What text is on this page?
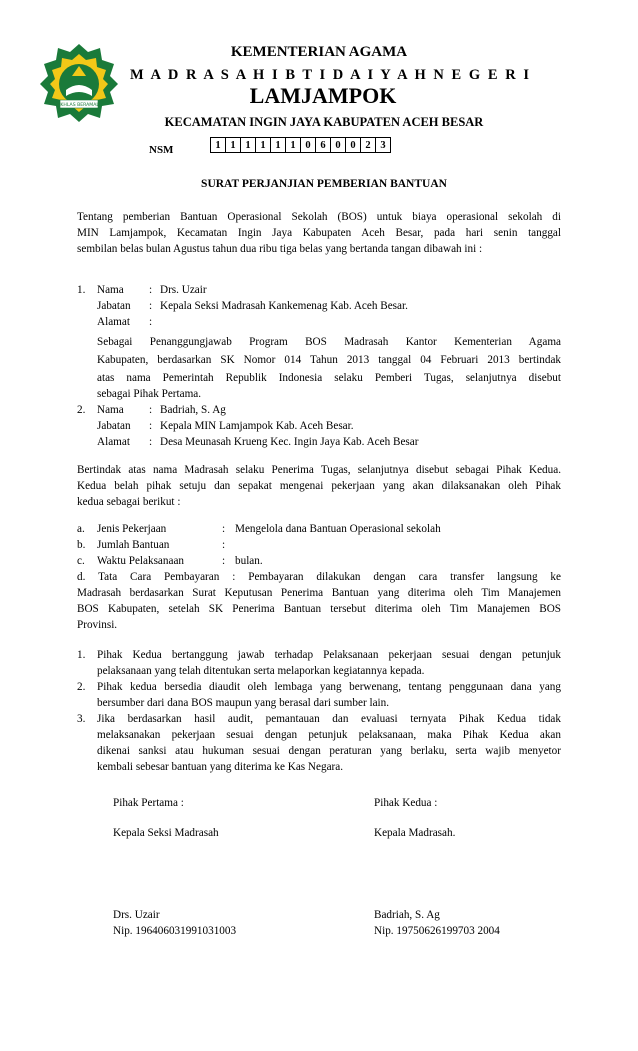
IKHLAS BERAMAL
KEMENTERIAN AGAMA
M A D R A S A H I B T I D A I Y A H N E G E R I
LAMJAMPOK
KECAMATAN INGIN JAYA KABUPATEN ACEH BESAR
NSM	1	1	1	1	1	1	0	6	0	0	2	3
SURAT PERJANJIAN PEMBERIAN BANTUAN
Tentang pemberian Bantuan Operasional Sekolah (BOS) untuk biaya operasional sekolah di
MIN Lamjampok, Kecamatan Ingin Jaya Kabupaten Aceh Besar, pada hari senin tanggal
sembilan belas bulan Agustus tahun dua ribu tiga belas yang bertanda tangan dibawah ini :
1.	Nama : Drs. Uzair
Jabatan : Kepala Seksi Madrasah Kankemenag Kab. Aceh Besar.
Alamat :
Sebagai Penanggungjawab Program BOS Madrasah Kantor Kementerian Agama
Kabupaten, berdasarkan SK Nomor 014 Tahun 2013 tanggal 04 Februari 2013 bertindak
atas nama Pemerintah Republik Indonesia selaku Pemberi Tugas, selanjutnya disebut
sebagai Pihak Pertama.
2.	Nama : Badriah, S. Ag
Jabatan : Kepala MIN Lamjampok Kab. Aceh Besar.
Alamat : Desa Meunasah Krueng Kec. Ingin Jaya Kab. Aceh Besar
Bertindak atas nama Madrasah selaku Penerima Tugas, selanjutnya disebut sebagai Pihak Kedua.
Kedua belah pihak setuju dan sepakat mengenai pekerjaan yang akan dilaksanakan oleh Pihak
kedua sebagai berikut :
a. Jenis Pekerjaan	: Mengelola dana Bantuan Operasional sekolah
b. Jumlah Bantuan	:
c. Waktu Pelaksanaan	: bulan.
d. Tata Cara Pembayaran : Pembayaran dilakukan dengan cara transfer langsung ke
Madrasah berdasarkan Surat Keputusan Penerima Bantuan yang diterima oleh Tim Manajemen
BOS Kabupaten, setelah SK Penerima Bantuan tersebut diterima oleh Tim Manajemen BOS
Provinsi.
1.	Pihak Kedua bertanggung jawab terhadap Pelaksanaan pekerjaan sesuai dengan petunjuk
pelaksanaan yang telah ditentukan serta melaporkan kegiatannya kepada.
2.	Pihak kedua bersedia diaudit oleh lembaga yang berwenang, tentang penggunaan dana yang
bersumber dari dana BOS maupun yang berasal dari sumber lain.
3.	Jika berdasarkan hasil audit, pemantauan dan evaluasi ternyata Pihak Kedua tidak
melaksanakan pekerjaan sesuai dengan petunjuk pelaksanaan, maka Pihak Kedua akan
dikenai sanksi atau hukuman sesuai dengan peraturan yang berlaku, serta wajib menyetor
kembali sebesar bantuan yang diterima ke Kas Negara.
Pihak Pertama :	Pihak Kedua :
Kepala Seksi Madrasah	Kepala Madrasah.
Drs. Uzair	Badriah, S. Ag
Nip. 196406031991031003	Nip. 19750626199703 2004
